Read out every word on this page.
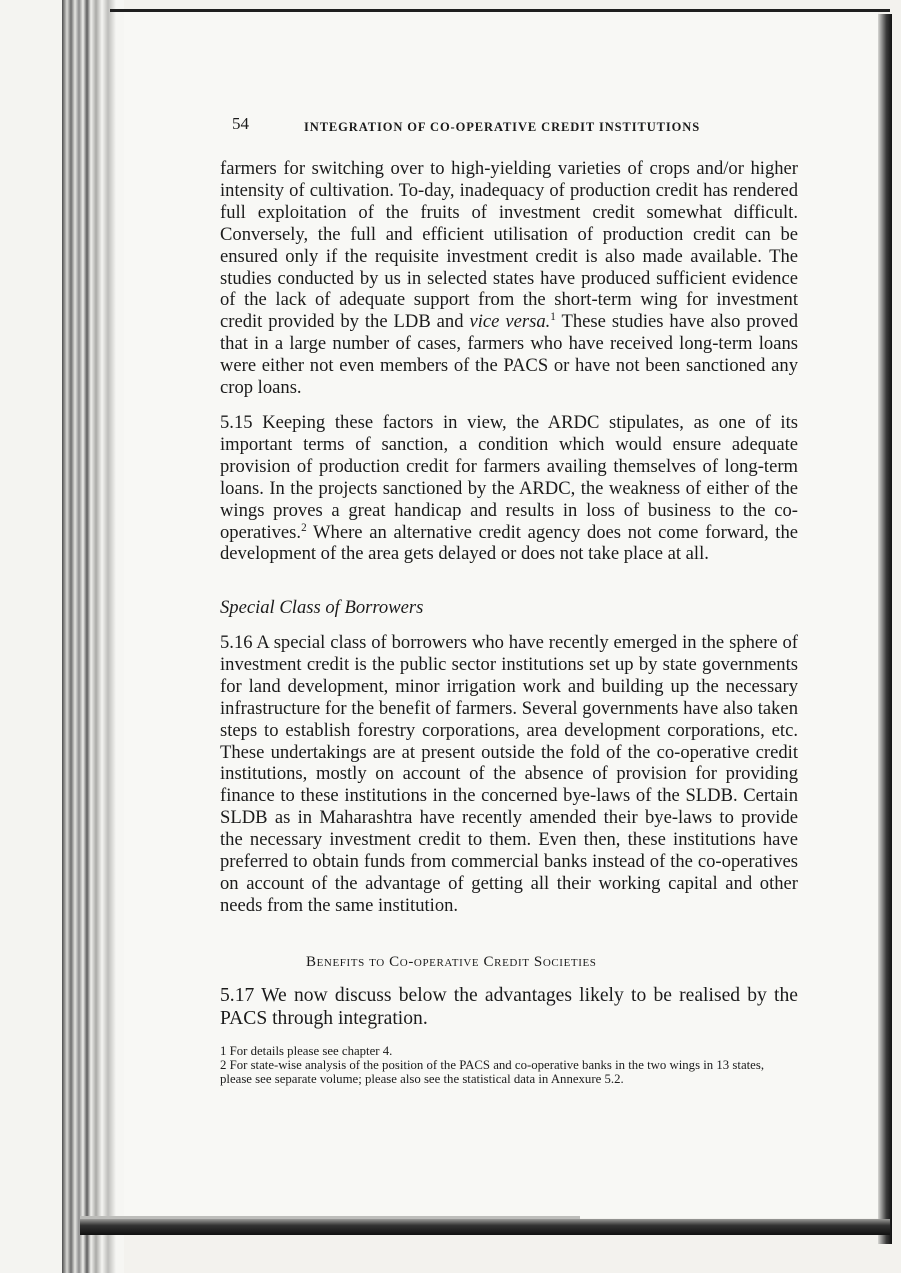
54	INTEGRATION OF CO-OPERATIVE CREDIT INSTITUTIONS

farmers for switching over to high-yielding varieties of crops and/or higher intensity of cultivation. To-day, inadequacy of production credit has rendered full exploitation of the fruits of investment credit somewhat difficult. Conversely, the full and efficient utilisation of production credit can be ensured only if the requisite investment credit is also made available. The studies conducted by us in selected states have produced sufficient evidence of the lack of adequate support from the short-term wing for investment credit provided by the LDB and vice versa.$^1$ These studies have also proved that in a large number of cases, farmers who have received long-term loans were either not even members of the PACS or have not been sanctioned any crop loans.

5.15 Keeping these factors in view, the ARDC stipulates, as one of its important terms of sanction, a condition which would ensure adequate provision of production credit for farmers availing themselves of long-term loans. In the projects sanctioned by the ARDC, the weakness of either of the wings proves a great handicap and results in loss of business to the co-operatives.$^2$ Where an alternative credit agency does not come forward, the development of the area gets delayed or does not take place at all.

Special Class of Borrowers

5.16 A special class of borrowers who have recently emerged in the sphere of investment credit is the public sector institutions set up by state governments for land development, minor irrigation work and building up the necessary infrastructure for the benefit of farmers. Several governments have also taken steps to establish forestry corporations, area development corporations, etc. These undertakings are at present outside the fold of the co-operative credit institutions, mostly on account of the absence of provision for providing finance to these institutions in the concerned bye-laws of the SLDB. Certain SLDB as in Maharashtra have recently amended their bye-laws to provide the necessary investment credit to them. Even then, these institutions have preferred to obtain funds from commercial banks instead of the co-operatives on account of the advantage of getting all their working capital and other needs from the same institution.

Benefits to Co-operative Credit Societies

5.17 We now discuss below the advantages likely to be realised by the PACS through integration.

1 For details please see chapter 4.

2 For state-wise analysis of the position of the PACS and co-operative banks in the two wings in 13 states, please see separate volume; please also see the statistical data in Annexure 5.2.
